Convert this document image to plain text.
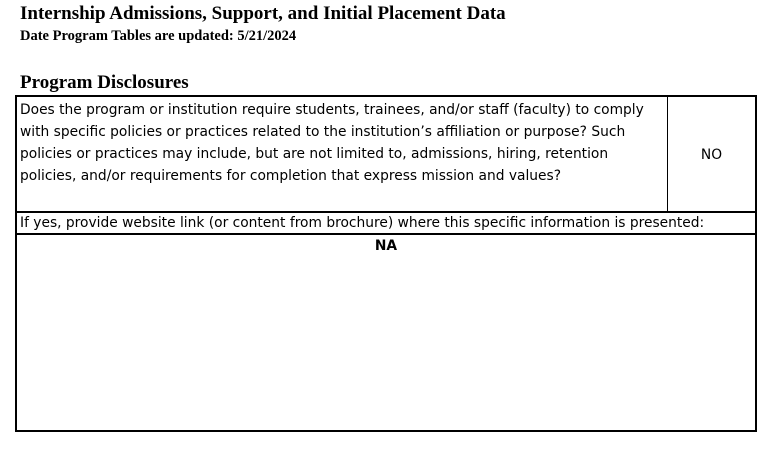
Internship Admissions, Support, and Initial Placement Data
Date Program Tables are updated: 5/21/2024
Program Disclosures
Does the program or institution require students, trainees, and/or staff (faculty) to comply with specific policies or practices related to the institution’s affiliation or purpose? Such policies or practices may include, but are not limited to, admissions, hiring, retention policies, and/or requirements for completion that express mission and values?
NO
If yes, provide website link (or content from brochure) where this specific information is presented:
NA
